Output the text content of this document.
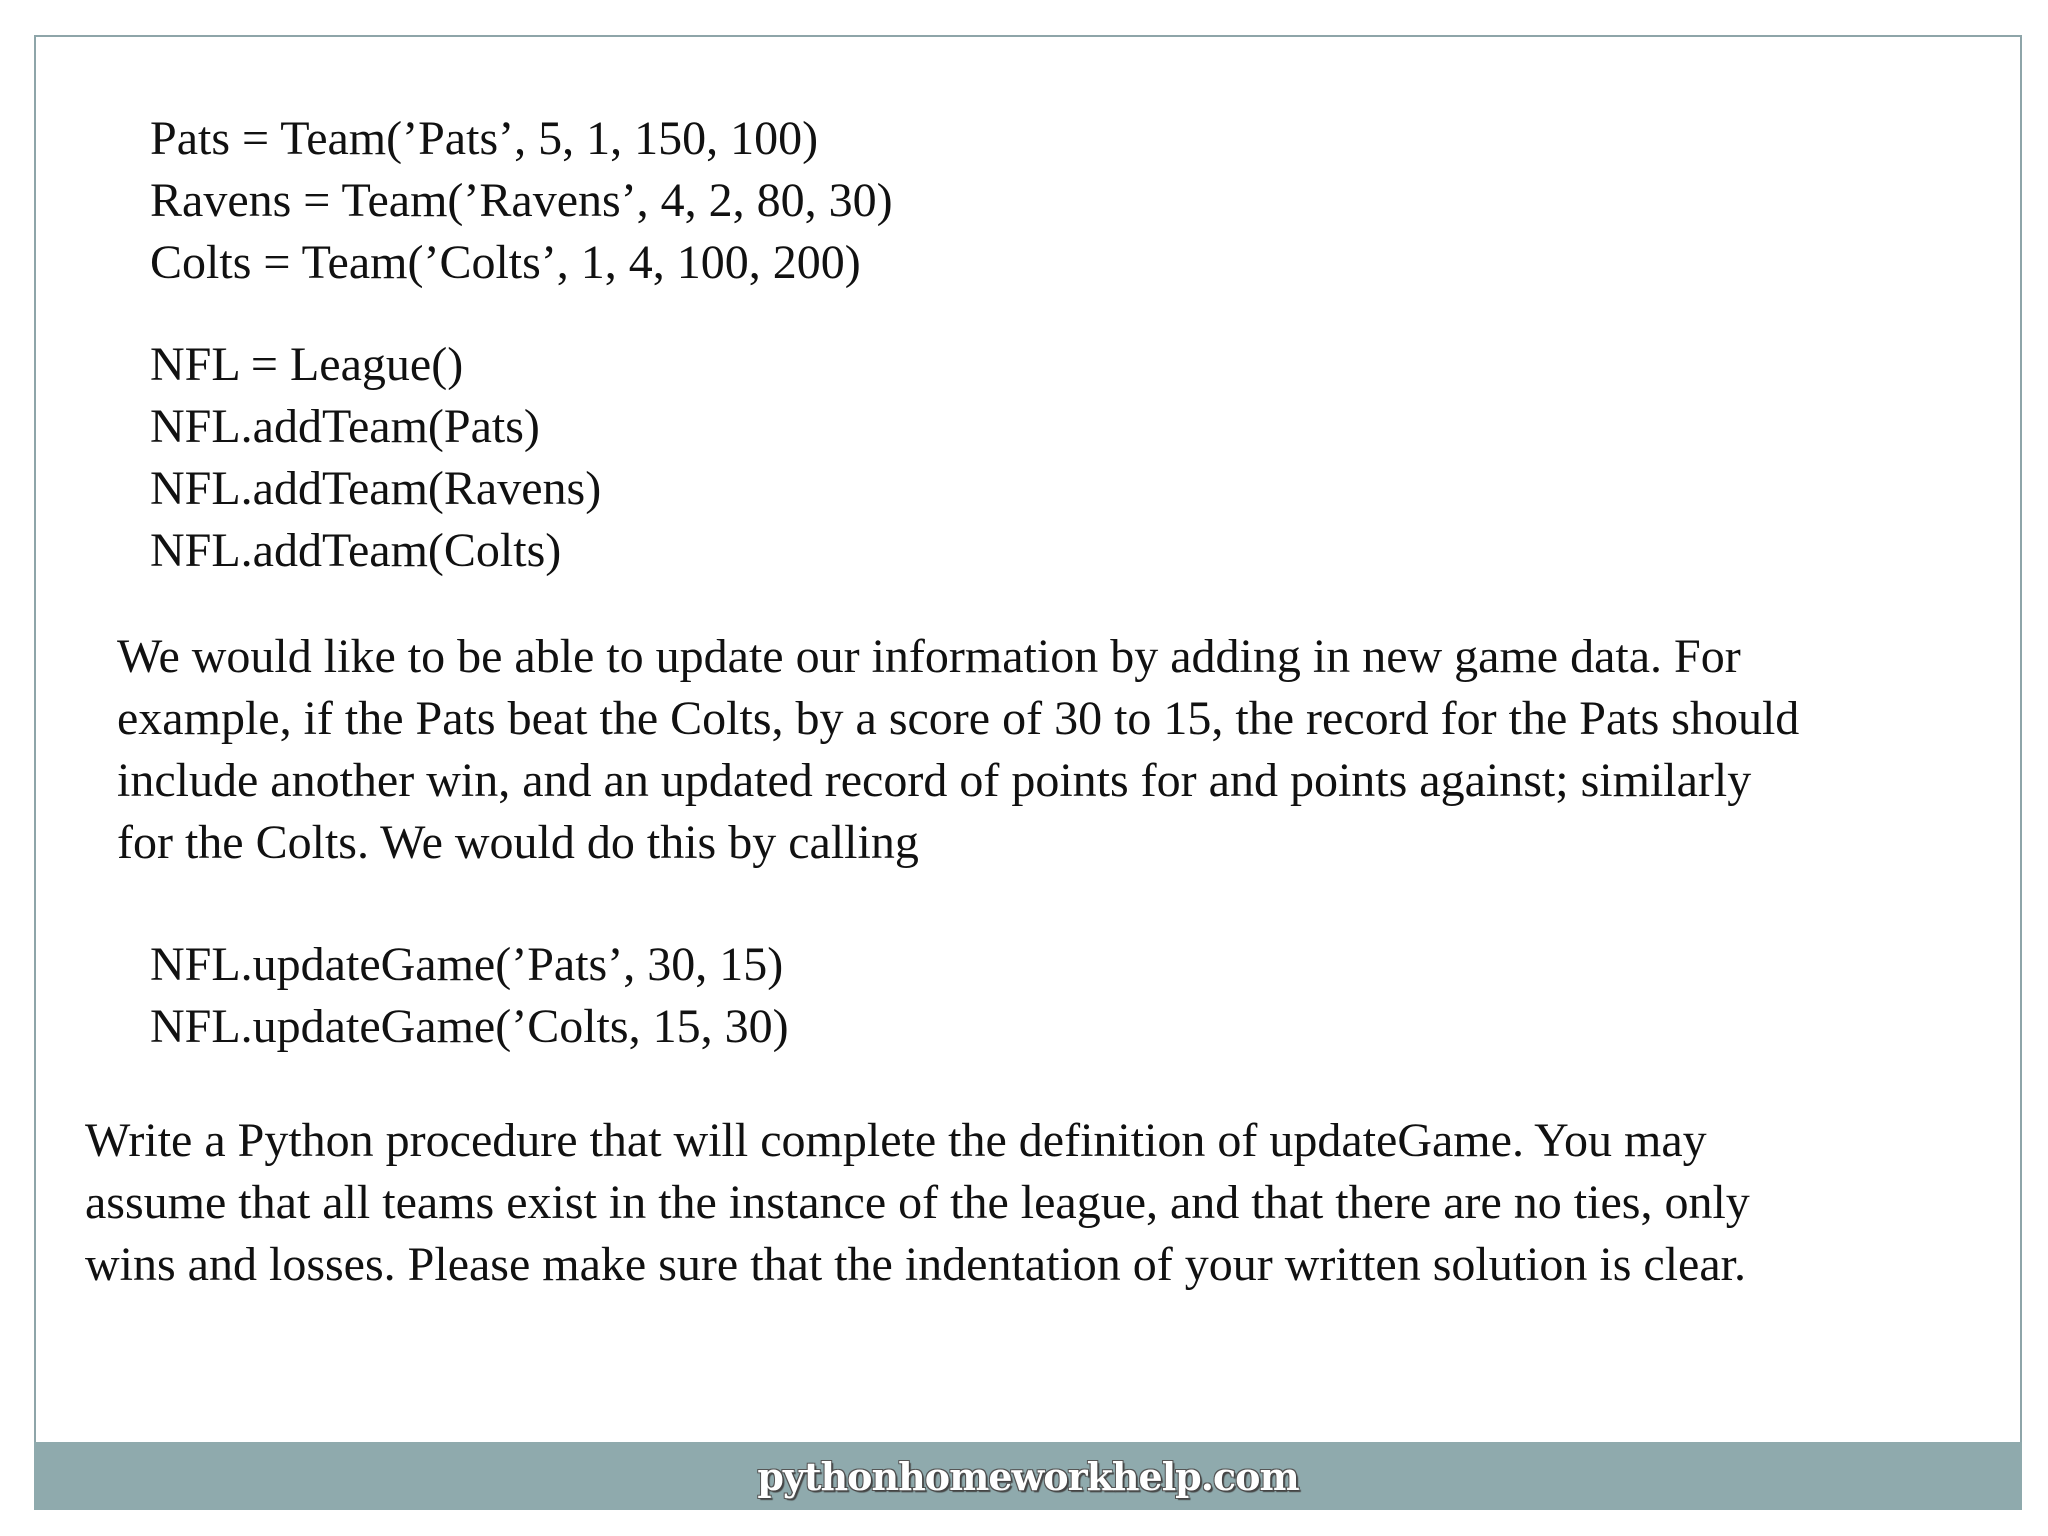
Pats = Team(’Pats’, 5, 1, 150, 100)

Ravens = Team(’Ravens’, 4, 2, 80, 30)

Colts = Team(’Colts’, 1, 4, 100, 200)

NFL = League()

NFL.addTeam(Pats)

NFL.addTeam(Ravens)

NFL.addTeam(Colts)

We would like to be able to update our information by adding in new game data. For

example, if the Pats beat the Colts, by a score of 30 to 15, the record for the Pats should

include another win, and an updated record of points for and points against; similarly

for the Colts. We would do this by calling

NFL.updateGame(’Pats’, 30, 15)

NFL.updateGame(’Colts, 15, 30)

Write a Python procedure that will complete the definition of updateGame. You may

assume that all teams exist in the instance of the league, and that there are no ties, only

wins and losses. Please make sure that the indentation of your written solution is clear.

pythonhomeworkhelp.com
